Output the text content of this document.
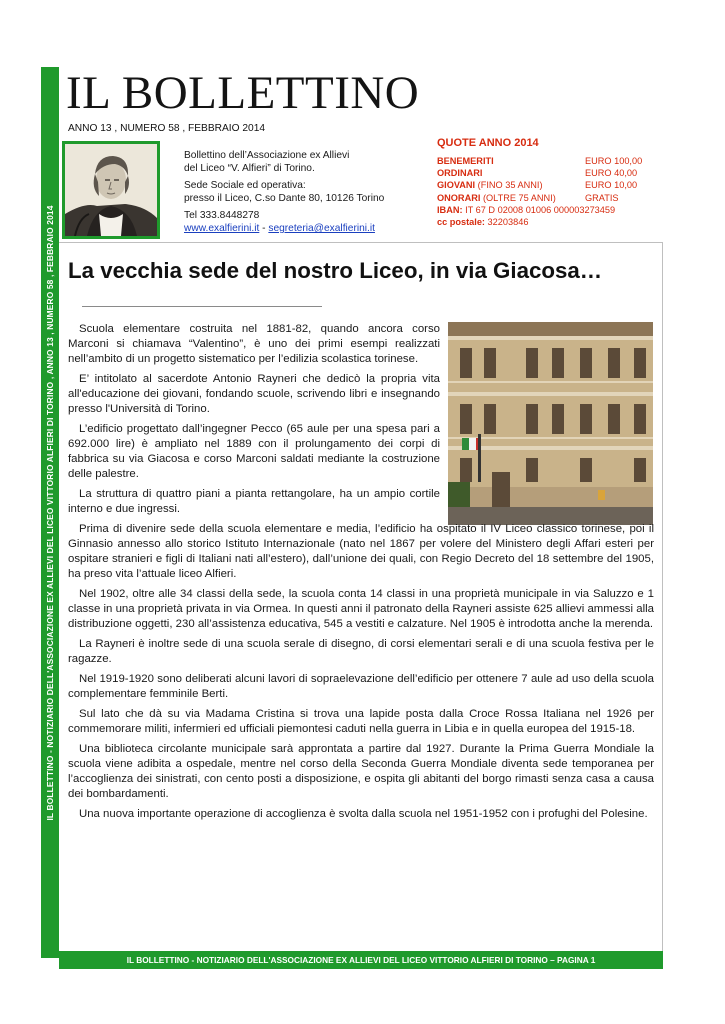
IL BOLLETTINO - NOTIZIARIO DELL'ASSOCIAZIONE EX ALLIEVI DEL LICEO VITTORIO ALFIERI DI TORINO , ANNO 13 , NUMERO 58 , FEBBRAIO 2014
IL BOLLETTINO
ANNO 13 , NUMERO 58 , FEBBRAIO 2014
Bollettino dell’Associazione ex Allievi
del Liceo “V. Alfieri” di Torino.
Sede Sociale ed operativa:
presso il Liceo, C.so Dante 80, 10126 Torino
Tel 333.8448278
www.exalfierini.it - segreteria@exalfierini.it
QUOTE ANNO 2014
BENEMERITI	EURO 100,00
ORDINARI	EURO 40,00
GIOVANI (FINO 35 ANNI)	EURO 10,00
ONORARI (OLTRE 75 ANNI)	GRATIS
IBAN: IT 67 D 02008 01006 000003273459
cc postale: 32203846
La vecchia sede del nostro Liceo, in via Giacosa…

Scuola elementare costruita nel 1881-82, quando ancora corso Marconi si chiamava “Valentino”, è uno dei primi esempi realizzati nell’ambito di un progetto sistematico per l’edilizia scolastica torinese.

E’ intitolato al sacerdote Antonio Rayneri che dedicò la propria vita all'educazione dei giovani, fondando scuole, scrivendo libri e insegnando presso l'Università di Torino.

L’edificio progettato dall’ingegner Pecco (65 aule per una spesa pari a 692.000 lire) è ampliato nel 1889 con il prolungamento dei corpi di fabbrica su via Giacosa e corso Marconi saldati mediante la costruzione delle palestre.

La struttura di quattro piani a pianta rettangolare, ha un ampio cortile interno e due ingressi.

Prima di divenire sede della scuola elementare e media, l’edificio ha ospitato il IV Liceo classico torinese, poi il Ginnasio annesso allo storico Istituto Internazionale (nato nel 1867 per volere del Ministero degli Affari esteri per ospitare stranieri e figli di Italiani nati all’estero), dall’unione dei quali, con Regio Decreto del 18 settembre del 1905, ha preso vita l’attuale liceo Alfieri.

Nel 1902, oltre alle 34 classi della sede, la scuola conta 14 classi in una proprietà municipale in via Saluzzo e 1 classe in una proprietà privata in via Ormea. In questi anni il patronato della Rayneri assiste 625 allievi ammessi alla distribuzione oggetti, 230 all’assistenza educativa, 545 a vestiti e calzature. Nel 1905 è introdotta anche la merenda.

La Rayneri è inoltre sede di una scuola serale di disegno, di corsi elementari serali e di una scuola festiva per le ragazze.

Nel 1919-1920 sono deliberati alcuni lavori di sopraelevazione dell’edificio per ottenere 7 aule ad uso della scuola complementare femminile Berti.

Sul lato che dà su via Madama Cristina si trova una lapide posta dalla Croce Rossa Italiana nel 1926 per commemorare militi, infermieri ed ufficiali piemontesi caduti nella guerra in Libia e in quella europea del 1915-18.

Una biblioteca circolante municipale sarà approntata a partire dal 1927. Durante la Prima Guerra Mondiale la scuola viene adibita a ospedale, mentre nel corso della Seconda Guerra Mondiale diventa sede temporanea per l’accoglienza dei sinistrati, con cento posti a disposizione, e ospita gli abitanti del borgo rimasti senza casa a causa dei bombardamenti.

Una nuova importante operazione di accoglienza è svolta dalla scuola nel 1951-1952 con i profughi del Polesine.

IL BOLLETTINO - NOTIZIARIO DELL'ASSOCIAZIONE EX ALLIEVI DEL LICEO VITTORIO ALFIERI DI TORINO – PAGINA 1
